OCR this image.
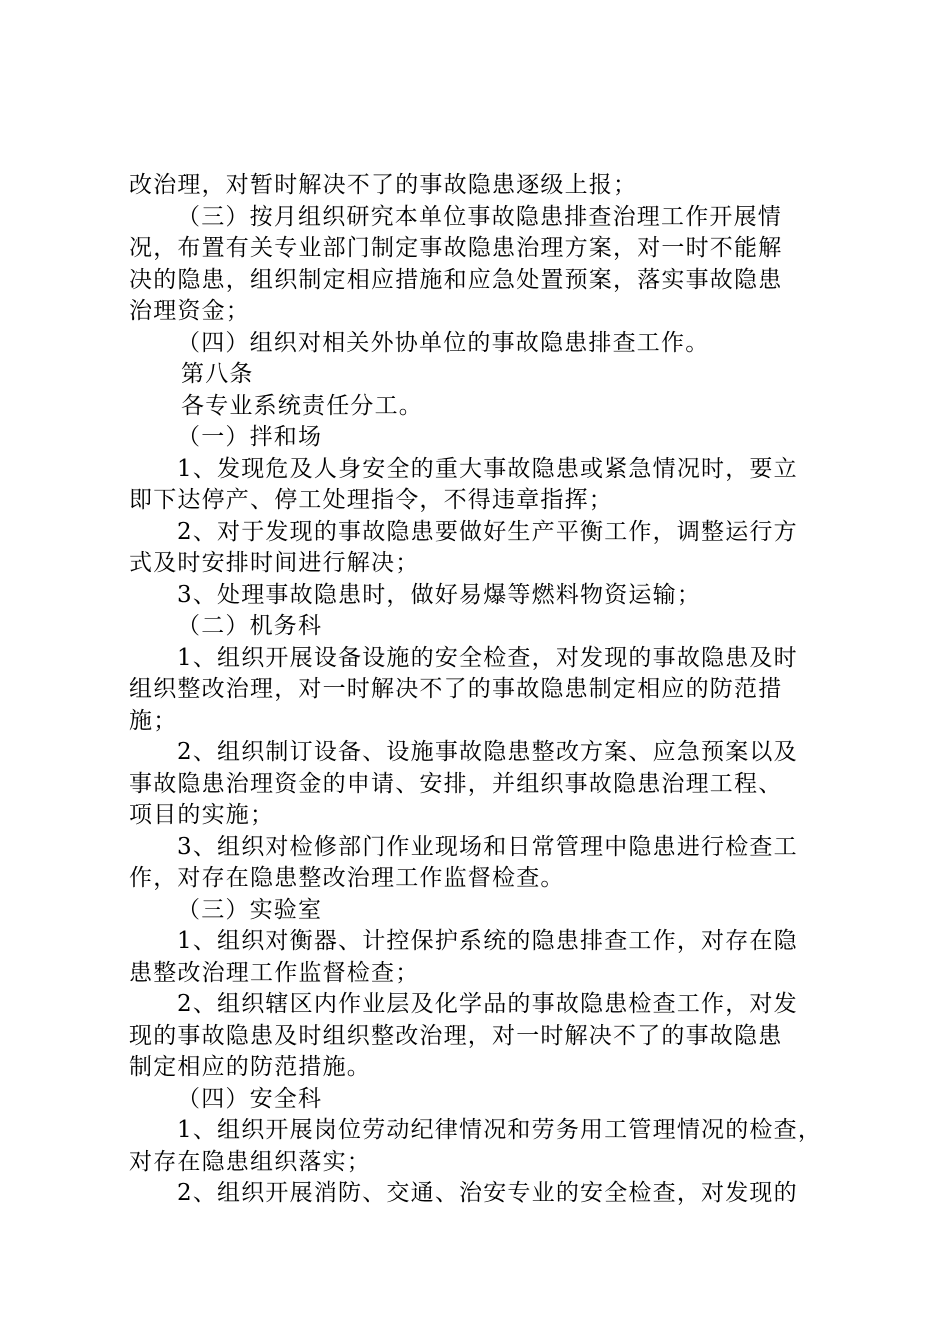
改治理，对暂时解决不了的事故隐患逐级上报；
（三）按月组织研究本单位事故隐患排查治理工作开展情
况，布置有关专业部门制定事故隐患治理方案，对一时不能解
决的隐患，组织制定相应措施和应急处置预案，落实事故隐患
治理资金；
（四）组织对相关外协单位的事故隐患排查工作。
第八条
各专业系统责任分工。
（一）拌和场
1、发现危及人身安全的重大事故隐患或紧急情况时，要立
即下达停产、停工处理指令，不得违章指挥；
2、对于发现的事故隐患要做好生产平衡工作，调整运行方
式及时安排时间进行解决；
3、处理事故隐患时，做好易爆等燃料物资运输；
（二）机务科
1、组织开展设备设施的安全检查，对发现的事故隐患及时
组织整改治理，对一时解决不了的事故隐患制定相应的防范措
施；
2、组织制订设备、设施事故隐患整改方案、应急预案以及
事故隐患治理资金的申请、安排，并组织事故隐患治理工程、
项目的实施；
3、组织对检修部门作业现场和日常管理中隐患进行检查工
作，对存在隐患整改治理工作监督检查。
（三）实验室
1、组织对衡器、计控保护系统的隐患排查工作，对存在隐
患整改治理工作监督检查；
2、组织辖区内作业层及化学品的事故隐患检查工作，对发
现的事故隐患及时组织整改治理，对一时解决不了的事故隐患
制定相应的防范措施。
（四）安全科
1、组织开展岗位劳动纪律情况和劳务用工管理情况的检查，
对存在隐患组织落实；
2、组织开展消防、交通、治安专业的安全检查，对发现的
